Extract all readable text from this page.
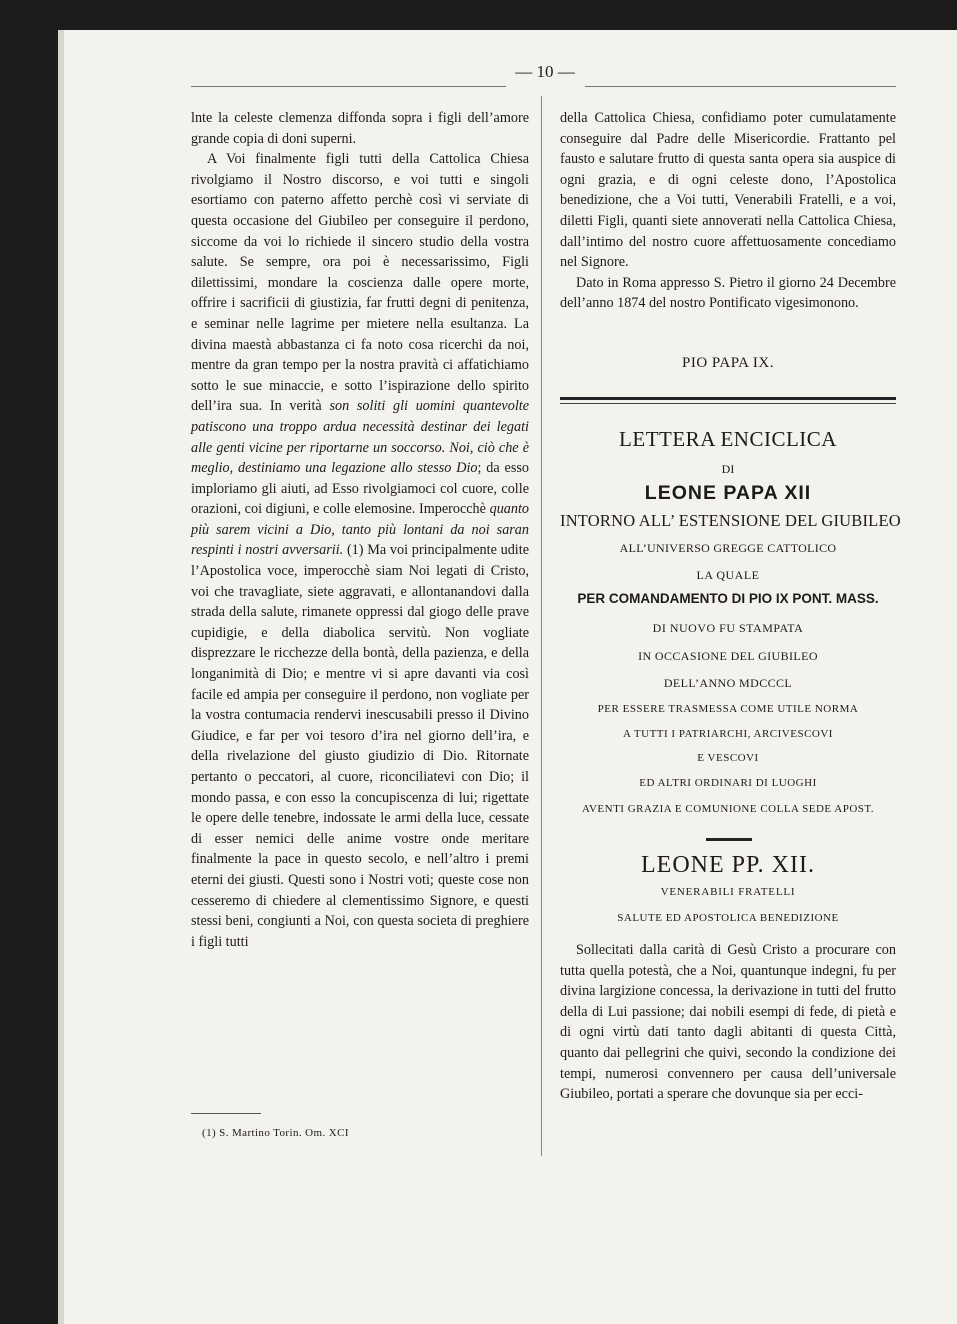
— 10 —

lnte la celeste clemenza diffonda sopra i figli dell’amore grande copia di doni superni.

A Voi finalmente figli tutti della Cattolica Chiesa rivolgiamo il Nostro discorso, e voi tutti e singoli esortiamo con paterno affetto perchè così vi serviate di questa occasione del Giubileo per conseguire il perdono, siccome da voi lo richiede il sincero studio della vostra salute. Se sempre, ora poi è necessarissimo, Figli dilettissimi, mondare la coscienza dalle opere morte, offrire i sacrificii di giustizia, far frutti degni di penitenza, e seminar nelle lagrime per mietere nella esultanza. La divina maestà abbastanza ci fa noto cosa ricerchi da noi, mentre da gran tempo per la nostra pravità ci affatichiamo sotto le sue minaccie, e sotto l’ispirazione dello spirito dell’ira sua. In verità son soliti gli uomini quantevolte patiscono una troppo ardua necessità destinar dei legati alle genti vicine per riportarne un soccorso. Noi, ciò che è meglio, destiniamo una legazione allo stesso Dio; da esso imploriamo gli aiuti, ad Esso rivolgiamoci col cuore, colle orazioni, coi digiuni, e colle elemosine. Imperocchè quanto più sarem vicini a Dio, tanto più lontani da noi saran respinti i nostri avversarii. (1) Ma voi principalmente udite l’Apostolica voce, imperocchè siam Noi legati di Cristo, voi che travagliate, siete aggravati, e allontanandovi dalla strada della salute, rimanete oppressi dal giogo delle prave cupidigie, e della diabolica servitù. Non vogliate disprezzare le ricchezze della bontà, della pazienza, e della longanimità di Dio; e mentre vi si apre davanti via così facile ed ampia per conseguire il perdono, non vogliate per la vostra contumacia rendervi inescusabili presso il Divino Giudice, e far per voi tesoro d’ira nel giorno dell’ira, e della rivelazione del giusto giudizio di Dio. Ritornate pertanto o peccatori, al cuore, riconciliatevi con Dio; il mondo passa, e con esso la concupiscenza di lui; rigettate le opere delle tenebre, indossate le armi della luce, cessate di esser nemici delle anime vostre onde meritare finalmente la pace in questo secolo, e nell’altro i premi eterni dei giusti. Questi sono i Nostri voti; queste cose non cesseremo di chiedere al clementissimo Signore, e questi stessi beni, congiunti a Noi, con questa societa di preghiere i figli tutti

(1) S. Martino Torin. Om. XCI

della Cattolica Chiesa, confidiamo poter cumulatamente conseguire dal Padre delle Misericordie. Frattanto pel fausto e salutare frutto di questa santa opera sia auspice di ogni grazia, e di ogni celeste dono, l’Apostolica benedizione, che a Voi tutti, Venerabili Fratelli, e a voi, diletti Figli, quanti siete annoverati nella Cattolica Chiesa, dall’intimo del nostro cuore affettuosamente concediamo nel Signore.

Dato in Roma appresso S. Pietro il giorno 24 Decembre dell’anno 1874 del nostro Pontificato vigesimonono.

PIO PAPA IX.
LETTERA ENCICLICA
DI
LEONE PAPA XII
INTORNO ALL’ ESTENSIONE DEL GIUBILEO
ALL’UNIVERSO GREGGE CATTOLICO
LA QUALE
PER COMANDAMENTO DI PIO IX PONT. MASS.
DI NUOVO FU STAMPATA
IN OCCASIONE DEL GIUBILEO
DELL’ANNO MDCCCL
PER ESSERE TRASMESSA COME UTILE NORMA
A TUTTI I PATRIARCHI, ARCIVESCOVI
E VESCOVI
ED ALTRI ORDINARI DI LUOGHI
AVENTI GRAZIA E COMUNIONE COLLA SEDE APOST.
LEONE PP. XII.
VENERABILI FRATELLI
SALUTE ED APOSTOLICA BENEDIZIONE

Sollecitati dalla carità di Gesù Cristo a procurare con tutta quella potestà, che a Noi, quantunque indegni, fu per divina largizione concessa, la derivazione in tutti del frutto della di Lui passione; dai nobili esempi di fede, di pietà e di ogni virtù dati tanto dagli abitanti di questa Città, quanto dai pellegrini che quivi, secondo la condizione dei tempi, numerosi convennero per causa dell’universale Giubileo, portati a sperare che dovunque sia per ecci-
